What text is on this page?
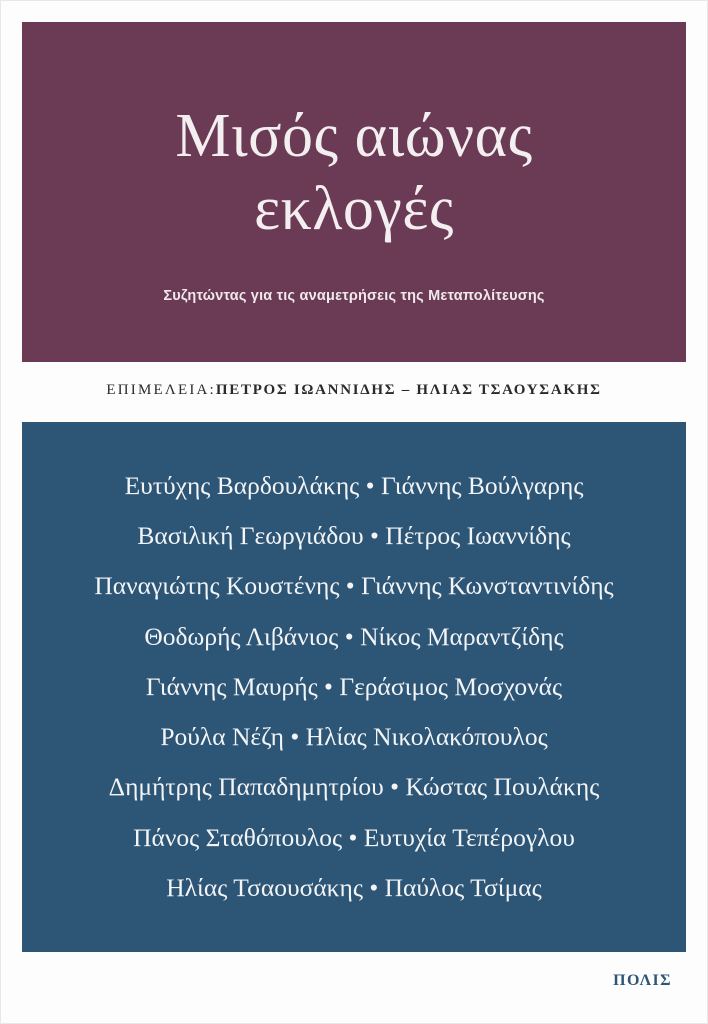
Μισός αιώνας
εκλογές
Συζητώντας για τις αναμετρήσεις της Μεταπολίτευσης
ΕΠΙΜΕΛΕΙΑ:ΠΕΤΡΟΣ ΙΩΑΝΝΙΔΗΣ – ΗΛΙΑΣ ΤΣΑΟΥΣΑΚΗΣ
Ευτύχης Βαρδουλάκης • Γιάννης Βούλγαρης
Βασιλική Γεωργιάδου • Πέτρος Ιωαννίδης
Παναγιώτης Κουστένης • Γιάννης Κωνσταντινίδης
Θοδωρής Λιβάνιος • Νίκος Μαραντζίδης
Γιάννης Μαυρής • Γεράσιμος Μοσχονάς
Ρούλα Νέζη • Ηλίας Νικολακόπουλος
Δημήτρης Παπαδημητρίου • Κώστας Πουλάκης
Πάνος Σταθόπουλος • Ευτυχία Τεπέρογλου
Ηλίας Τσαουσάκης • Παύλος Τσίμας
ΠΟΛΙΣ
